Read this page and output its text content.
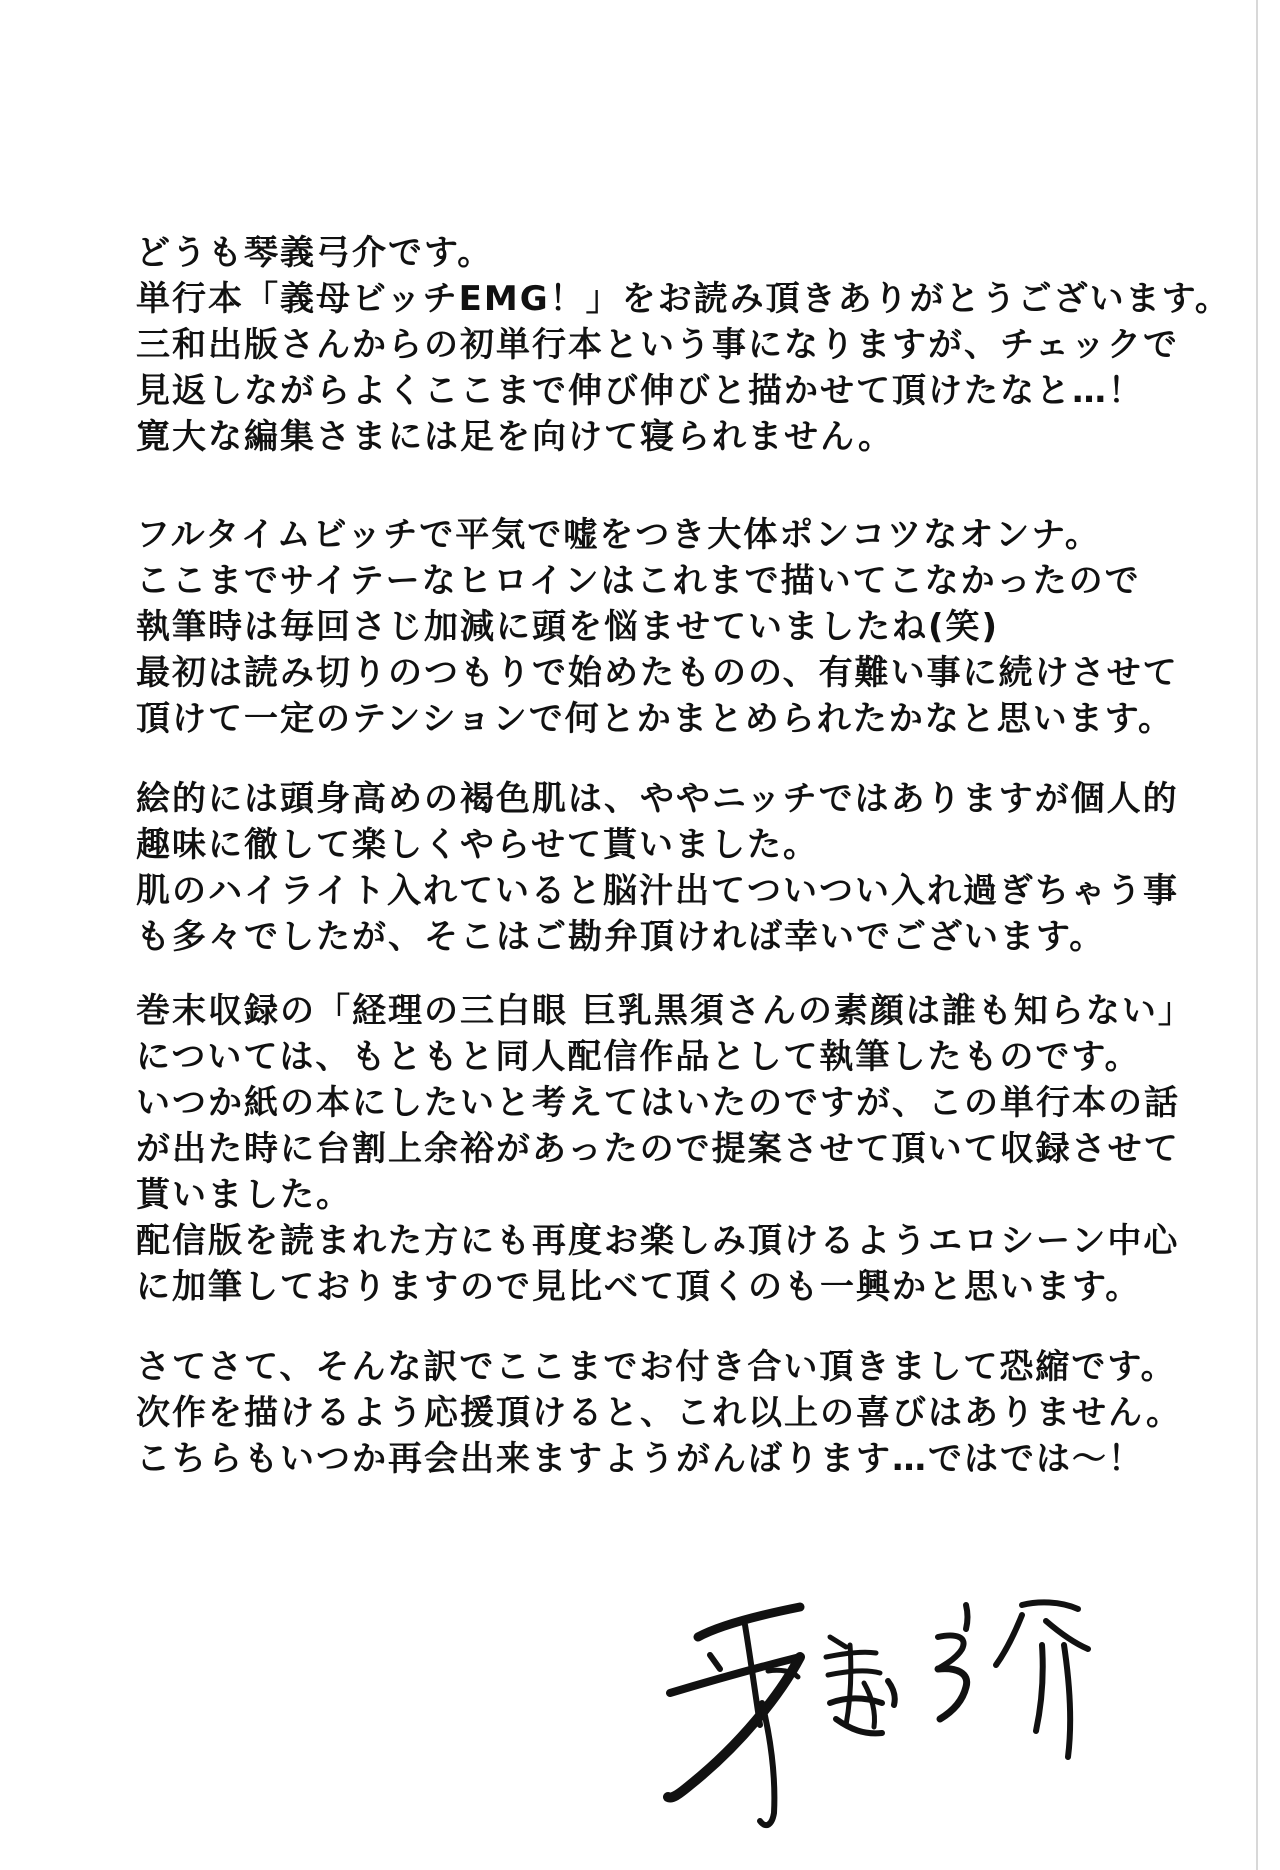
どうも琴義弓介です。
単行本「義母ビッチEMG！」をお読み頂きありがとうございます。
三和出版さんからの初単行本という事になりますが、チェックで
見返しながらよくここまで伸び伸びと描かせて頂けたなと…！
寛大な編集さまには足を向けて寝られません。
フルタイムビッチで平気で嘘をつき大体ポンコツなオンナ。
ここまでサイテーなヒロインはこれまで描いてこなかったので
執筆時は毎回さじ加減に頭を悩ませていましたね(笑)
最初は読み切りのつもりで始めたものの、有難い事に続けさせて
頂けて一定のテンションで何とかまとめられたかなと思います。
絵的には頭身高めの褐色肌は、ややニッチではありますが個人的
趣味に徹して楽しくやらせて貰いました。
肌のハイライト入れていると脳汁出てついつい入れ過ぎちゃう事
も多々でしたが、そこはご勘弁頂ければ幸いでございます。
巻末収録の「経理の三白眼 巨乳黒須さんの素顔は誰も知らない」
については、もともと同人配信作品として執筆したものです。
いつか紙の本にしたいと考えてはいたのですが、この単行本の話
が出た時に台割上余裕があったので提案させて頂いて収録させて
貰いました。
配信版を読まれた方にも再度お楽しみ頂けるようエロシーン中心
に加筆しておりますので見比べて頂くのも一興かと思います。
さてさて、そんな訳でここまでお付き合い頂きまして恐縮です。
次作を描けるよう応援頂けると、これ以上の喜びはありません。
こちらもいつか再会出来ますようがんばります…ではでは～！
